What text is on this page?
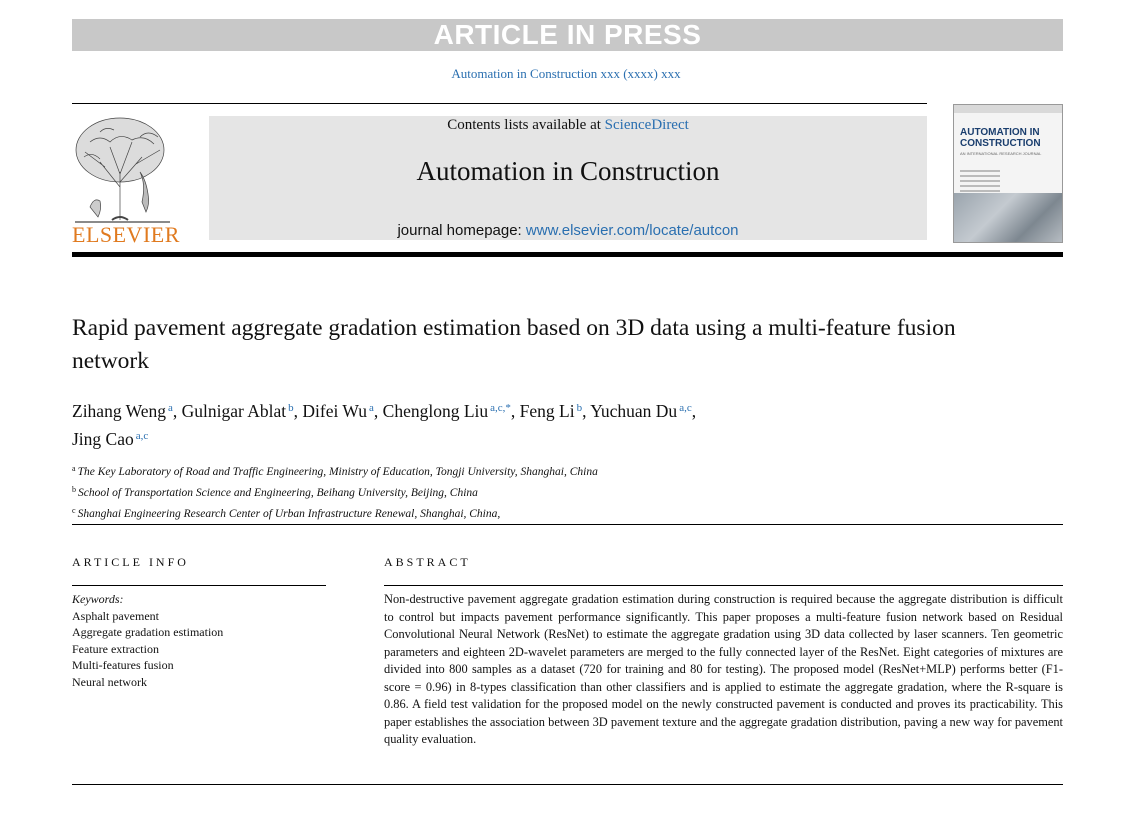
ARTICLE IN PRESS
Automation in Construction xxx (xxxx) xxx
ELSEVIER
Contents lists available at ScienceDirect
Automation in Construction
journal homepage: www.elsevier.com/locate/autcon
AUTOMATION IN CONSTRUCTION
AN INTERNATIONAL RESEARCH JOURNAL
Rapid pavement aggregate gradation estimation based on 3D data using a multi-feature fusion network
Zihang Weng $^a$, Gulnigar Ablat $^b$, Difei Wu $^a$, Chenglong Liu $^{a,c,*}$, Feng Li $^b$, Yuchuan Du $^{a,c}$,
Jing Cao $^{a,c}$
$^a$ The Key Laboratory of Road and Traffic Engineering, Ministry of Education, Tongji University, Shanghai, China
$^b$ School of Transportation Science and Engineering, Beihang University, Beijing, China
$^c$ Shanghai Engineering Research Center of Urban Infrastructure Renewal, Shanghai, China,
ARTICLE INFO	ABSTRACT
Keywords:
Asphalt pavement
Aggregate gradation estimation
Feature extraction
Multi-features fusion
Neural network
Non-destructive pavement aggregate gradation estimation during construction is required because the aggregate distribution is difficult to control but impacts pavement performance significantly. This paper proposes a multi-feature fusion network based on Residual Convolutional Neural Network (ResNet) to estimate the aggregate gradation using 3D data collected by laser scanners. Ten geometric parameters and eighteen 2D-wavelet parameters are merged to the fully connected layer of the ResNet. Eight categories of mixtures are divided into 800 samples as a dataset (720 for training and 80 for testing). The proposed model (ResNet+MLP) performs better (F1-score = 0.96) in 8-types classification than other classifiers and is applied to estimate the aggregate gradation, where the R-square is 0.86. A field test validation for the proposed model on the newly constructed pavement is conducted and proves its practicability. This paper establishes the association between 3D pavement texture and the aggregate gradation distribution, paving a new way for pavement quality evaluation.
